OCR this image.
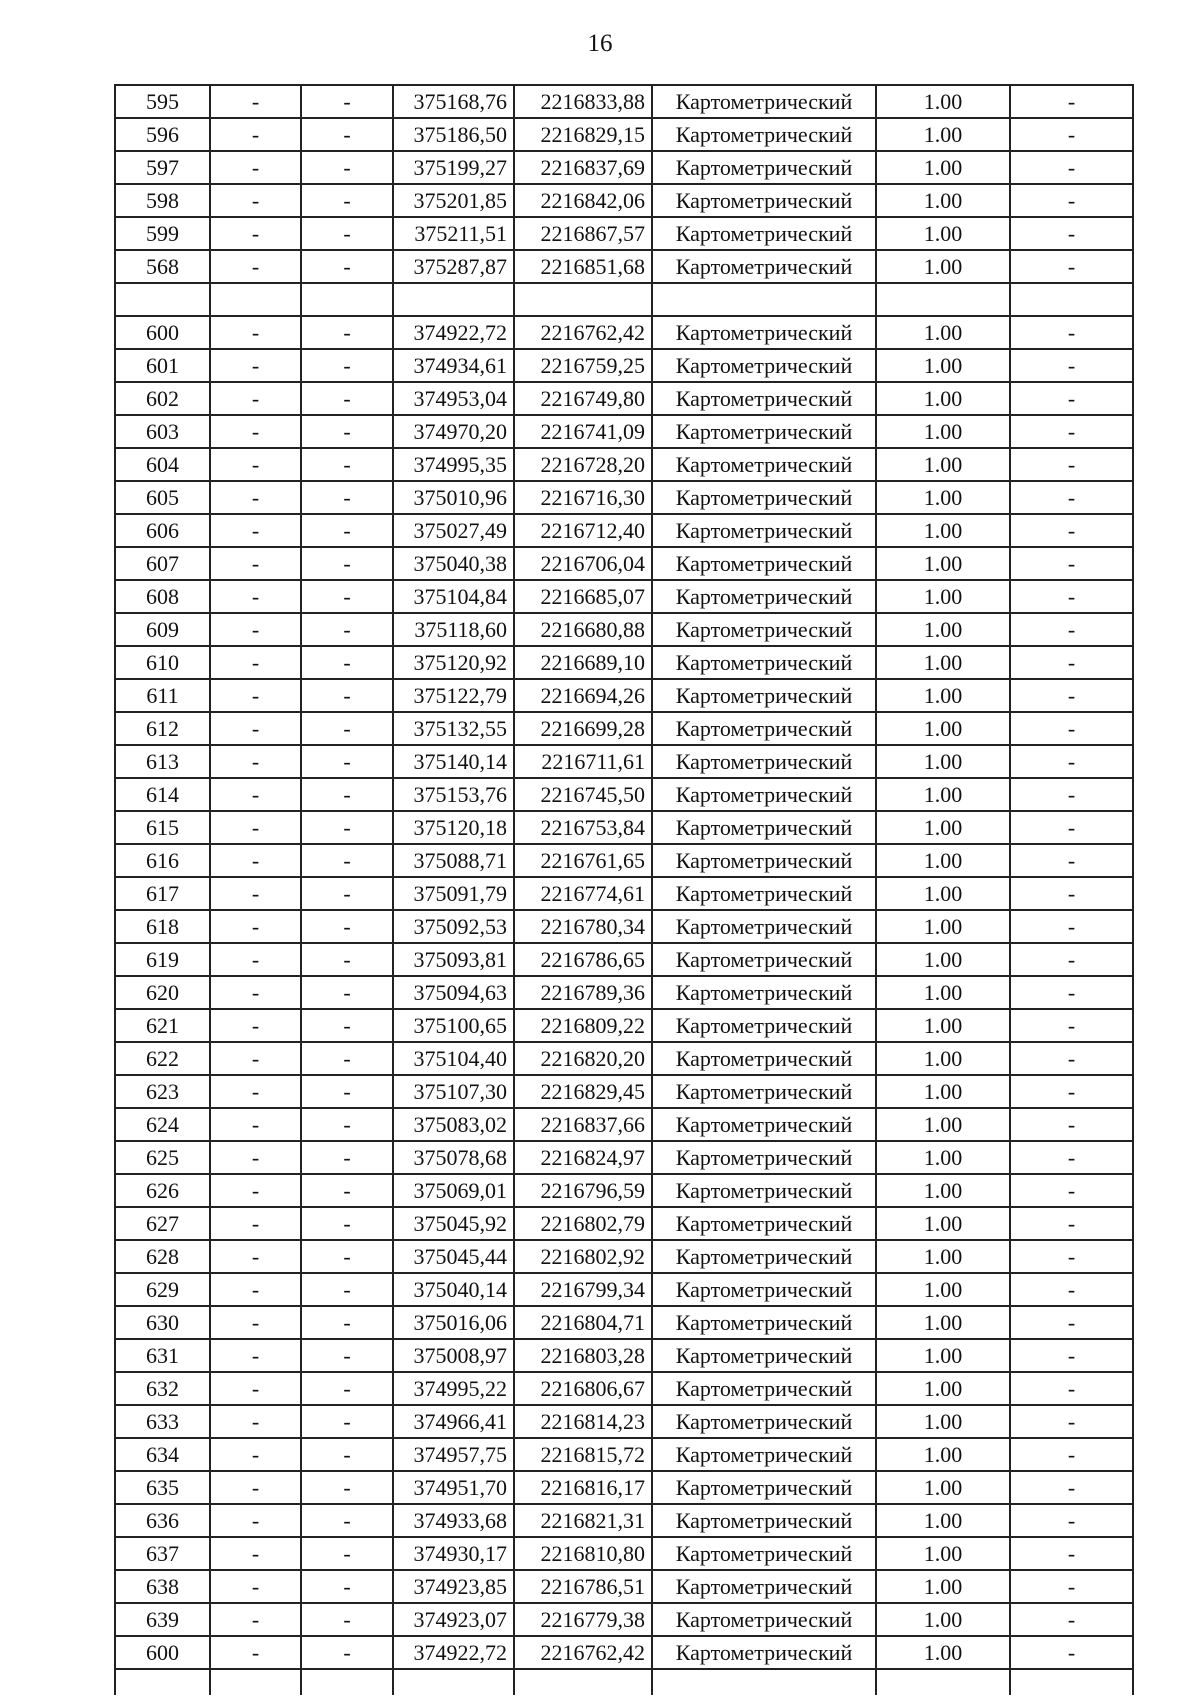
16
595	-	-	375168,76	2216833,88	Картометрический	1.00	-
596	-	-	375186,50	2216829,15	Картометрический	1.00	-
597	-	-	375199,27	2216837,69	Картометрический	1.00	-
598	-	-	375201,85	2216842,06	Картометрический	1.00	-
599	-	-	375211,51	2216867,57	Картометрический	1.00	-
568	-	-	375287,87	2216851,68	Картометрический	1.00	-

600	-	-	374922,72	2216762,42	Картометрический	1.00	-
601	-	-	374934,61	2216759,25	Картометрический	1.00	-
602	-	-	374953,04	2216749,80	Картометрический	1.00	-
603	-	-	374970,20	2216741,09	Картометрический	1.00	-
604	-	-	374995,35	2216728,20	Картометрический	1.00	-
605	-	-	375010,96	2216716,30	Картометрический	1.00	-
606	-	-	375027,49	2216712,40	Картометрический	1.00	-
607	-	-	375040,38	2216706,04	Картометрический	1.00	-
608	-	-	375104,84	2216685,07	Картометрический	1.00	-
609	-	-	375118,60	2216680,88	Картометрический	1.00	-
610	-	-	375120,92	2216689,10	Картометрический	1.00	-
611	-	-	375122,79	2216694,26	Картометрический	1.00	-
612	-	-	375132,55	2216699,28	Картометрический	1.00	-
613	-	-	375140,14	2216711,61	Картометрический	1.00	-
614	-	-	375153,76	2216745,50	Картометрический	1.00	-
615	-	-	375120,18	2216753,84	Картометрический	1.00	-
616	-	-	375088,71	2216761,65	Картометрический	1.00	-
617	-	-	375091,79	2216774,61	Картометрический	1.00	-
618	-	-	375092,53	2216780,34	Картометрический	1.00	-
619	-	-	375093,81	2216786,65	Картометрический	1.00	-
620	-	-	375094,63	2216789,36	Картометрический	1.00	-
621	-	-	375100,65	2216809,22	Картометрический	1.00	-
622	-	-	375104,40	2216820,20	Картометрический	1.00	-
623	-	-	375107,30	2216829,45	Картометрический	1.00	-
624	-	-	375083,02	2216837,66	Картометрический	1.00	-
625	-	-	375078,68	2216824,97	Картометрический	1.00	-
626	-	-	375069,01	2216796,59	Картометрический	1.00	-
627	-	-	375045,92	2216802,79	Картометрический	1.00	-
628	-	-	375045,44	2216802,92	Картометрический	1.00	-
629	-	-	375040,14	2216799,34	Картометрический	1.00	-
630	-	-	375016,06	2216804,71	Картометрический	1.00	-
631	-	-	375008,97	2216803,28	Картометрический	1.00	-
632	-	-	374995,22	2216806,67	Картометрический	1.00	-
633	-	-	374966,41	2216814,23	Картометрический	1.00	-
634	-	-	374957,75	2216815,72	Картометрический	1.00	-
635	-	-	374951,70	2216816,17	Картометрический	1.00	-
636	-	-	374933,68	2216821,31	Картометрический	1.00	-
637	-	-	374930,17	2216810,80	Картометрический	1.00	-
638	-	-	374923,85	2216786,51	Картометрический	1.00	-
639	-	-	374923,07	2216779,38	Картометрический	1.00	-
600	-	-	374922,72	2216762,42	Картометрический	1.00	-
